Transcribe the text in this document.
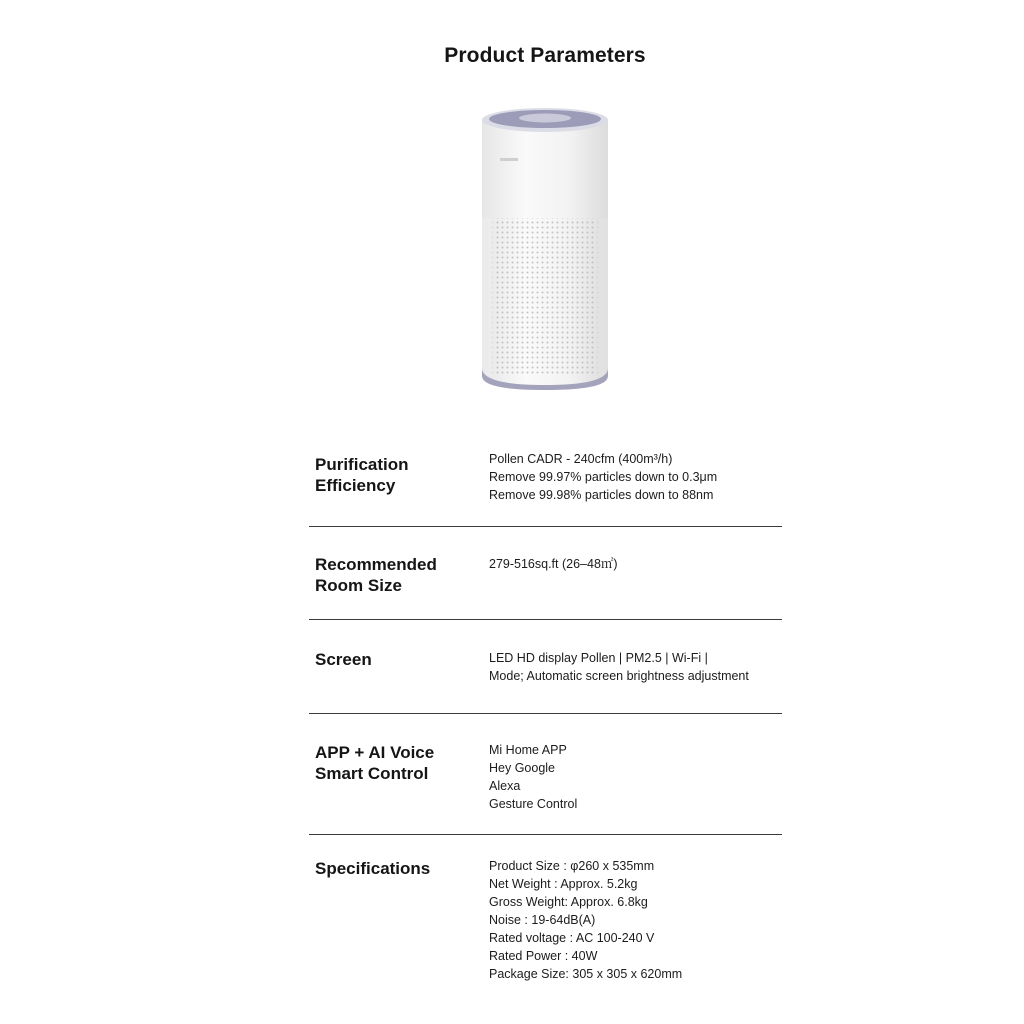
Product Parameters
Purification
Efficiency
Pollen CADR - 240cfm (400m³/h)
Remove 99.97% particles down to 0.3μm
Remove 99.98% particles down to 88nm
Recommended
Room Size
279-516sq.ft (26–48㎡)
Screen	LED HD display Pollen | PM2.5 | Wi-Fi |
Mode; Automatic screen brightness adjustment
APP + AI Voice
Smart Control
Mi Home APP
Hey Google
Alexa
Gesture Control
Specifications	Product Size : φ260 x 535mm
Net Weight : Approx. 5.2kg
Gross Weight: Approx. 6.8kg
Noise : 19-64dB(A)
Rated voltage : AC 100-240 V
Rated Power : 40W
Package Size: 305 x 305 x 620mm
